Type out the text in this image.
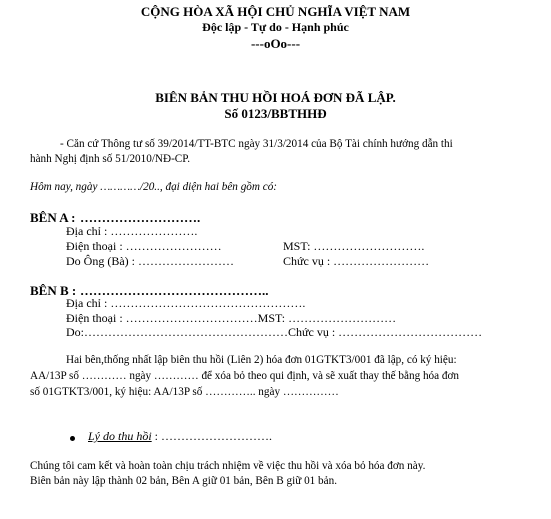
CỘNG HÒA XÃ HỘI CHỦ NGHĨA VIỆT NAM
Độc lập - Tự do - Hạnh phúc
---oOo---
BIÊN BẢN THU HỒI HOÁ ĐƠN ĐÃ LẬP.
Số 0123/BBTHHĐ
- Căn cứ Thông tư số 39/2014/TT-BTC ngày 31/3/2014 của Bộ Tài chính hướng dẫn thi
hành Nghị định số 51/2010/NĐ-CP.
Hôm nay, ngày …………/20.., đại diện hai bên gồm có:
BÊN A : ……………………….
Địa chỉ : ………………….
Điện thoại : ……………………	MST: ……………………….
Do Ông (Bà) : ……………………	Chức vụ : ……………………
BÊN B : ……………………………………..
Địa chỉ : ………………………………………….
Điện thoại : ……………………………MST: ………………………
Do:……………………………………………Chức vụ : ………………………………
Hai bên,thống nhất lập biên thu hồi (Liên 2) hóa đơn 01GTKT3/001 đã lập, có ký hiệu:
AA/13P số ………… ngày ………… để xóa bỏ theo qui định, và sẽ xuất thay thế bằng hóa đơn
số 01GTKT3/001, ký hiệu: AA/13P số ………….. ngày ……………
Lý do thu hồi : ……………………….
Chúng tôi cam kết và hoàn toàn chịu trách nhiệm về việc thu hồi và xóa bỏ hóa đơn này.
Biên bản này lập thành 02 bản, Bên A giữ 01 bản, Bên B giữ 01 bản.
